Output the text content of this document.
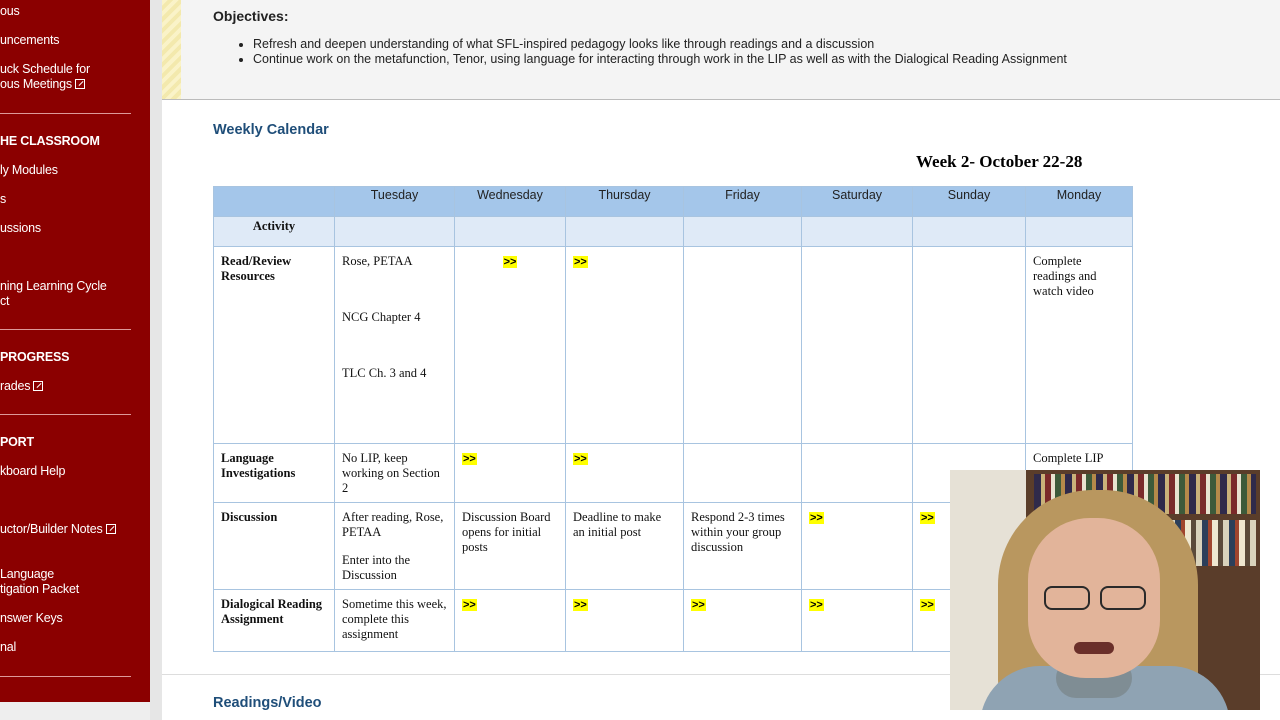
ous
uncements
uck Schedule for
ous Meetings
HE CLASSROOM
ly Modules
s
ussions
ning Learning Cycle
ct
PROGRESS
rades
PORT
kboard Help
uctor/Builder Notes
Language
tigation Packet
nswer Keys
nal
Objectives:
• Refresh and deepen understanding of what SFL-inspired pedagogy looks like through readings and a discussion
• Continue work on the metafunction, Tenor, using language for interacting through work in the LIP as well as with the Dialogical Reading Assignment
Weekly Calendar
Week 2- October 22-28
	Tuesday	Wednesday	Thursday	Friday	Saturday	Sunday	Monday
Activity							
Read/Review Resources	Rose, PETAA
NCG Chapter 4
TLC Ch. 3 and 4	>>	>>				Complete readings and watch video
Language Investigations	No LIP, keep working on Section 2	>>	>>				Complete LIP
Discussion	After reading, Rose, PETAA
Enter into the Discussion	Discussion Board opens for initial posts	Deadline to make an initial post	Respond 2-3 times within your group discussion	>>	>>	
Dialogical Reading Assignment	Sometime this week, complete this assignment	>>	>>	>>	>>	>>	
Readings/Video
